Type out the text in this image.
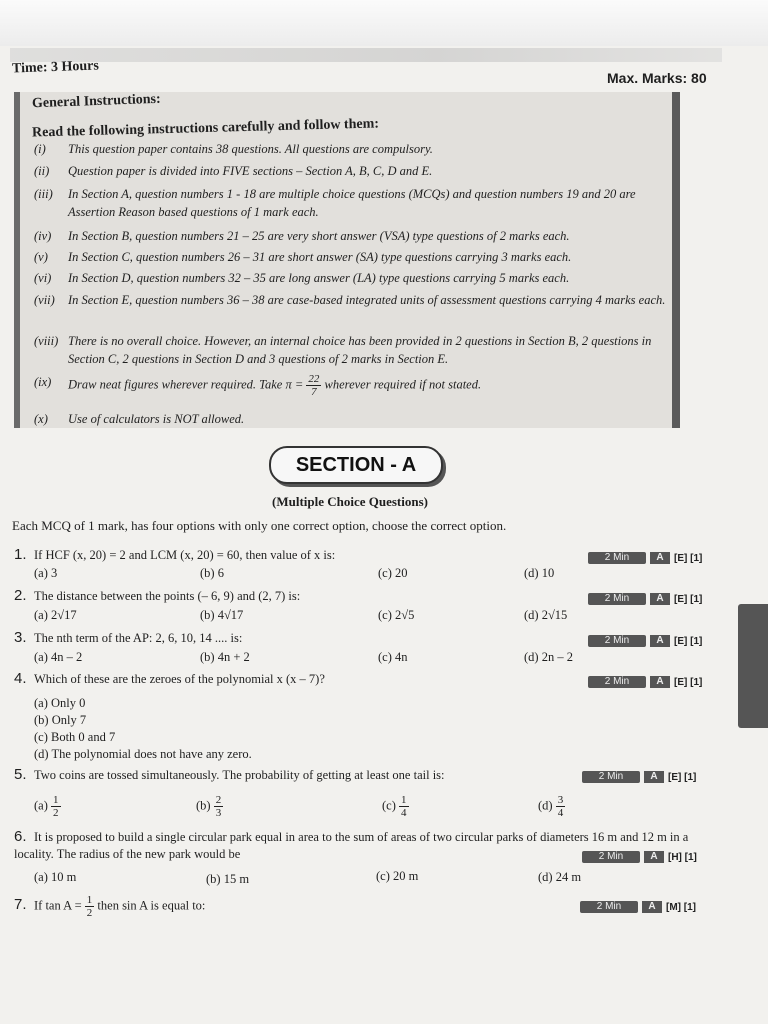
Time: 3 Hours
Max. Marks: 80
General Instructions:
Read the following instructions carefully and follow them:
(i) This question paper contains 38 questions. All questions are compulsory.
(ii) Question paper is divided into FIVE sections – Section A, B, C, D and E.
(iii) In Section A, question numbers 1 - 18 are multiple choice questions (MCQs) and question numbers 19 and 20 are Assertion Reason based questions of 1 mark each.
(iv) In Section B, question numbers 21 – 25 are very short answer (VSA) type questions of 2 marks each.
(v) In Section C, question numbers 26 – 31 are short answer (SA) type questions carrying 3 marks each.
(vi) In Section D, question numbers 32 – 35 are long answer (LA) type questions carrying 5 marks each.
(vii) In Section E, question numbers 36 – 38 are case-based integrated units of assessment questions carrying 4 marks each.
(viii) There is no overall choice. However, an internal choice has been provided in 2 questions in Section B, 2 questions in Section C, 2 questions in Section D and 3 questions of 2 marks in Section E.
(ix) Draw neat figures wherever required. Take $\pi = \frac{22}{7}$ wherever required if not stated.
(x) Use of calculators is NOT allowed.
SECTION - A
(Multiple Choice Questions)
Each MCQ of 1 mark, has four options with only one correct option, choose the correct option.
1. If HCF (x, 20) = 2 and LCM (x, 20) = 60, then value of x is:
(a) 3	(b) 6	(c) 20	(d) 10
2 Min	A [E] [1]
2. The distance between the points (– 6, 9) and (2, 7) is:
(a) 2√17	(b) 4√17	(c) 2√5	(d) 2√15
2 Min	A [E] [1]
3. The nth term of the AP: 2, 6, 10, 14 .... is:
(a) 4n – 2	(b) 4n + 2	(c) 4n	(d) 2n – 2
2 Min	A [E] [1]
4. Which of these are the zeroes of the polynomial x (x – 7)?
(a) Only 0
(b) Only 7
(c) Both 0 and 7
(d) The polynomial does not have any zero.
2 Min	A [E] [1]
5. Two coins are tossed simultaneously. The probability of getting at least one tail is:
$(a) \frac{1}{2}$	$(b) \frac{2}{3}$	$(c) \frac{1}{4}$	$(d) \frac{3}{4}$
2 Min	A [E] [1]
6. It is proposed to build a single circular park equal in area to the sum of areas of two circular parks of diameters 16 m and 12 m in a locality. The radius of the new park would be
(a) 10 m	(b) 15 m	(c) 20 m	(d) 24 m
2 Min	A [H] [1]
7. If $\tan A = \frac{1}{2}$ then sin A is equal to:	2 Min	A [M] [1]
